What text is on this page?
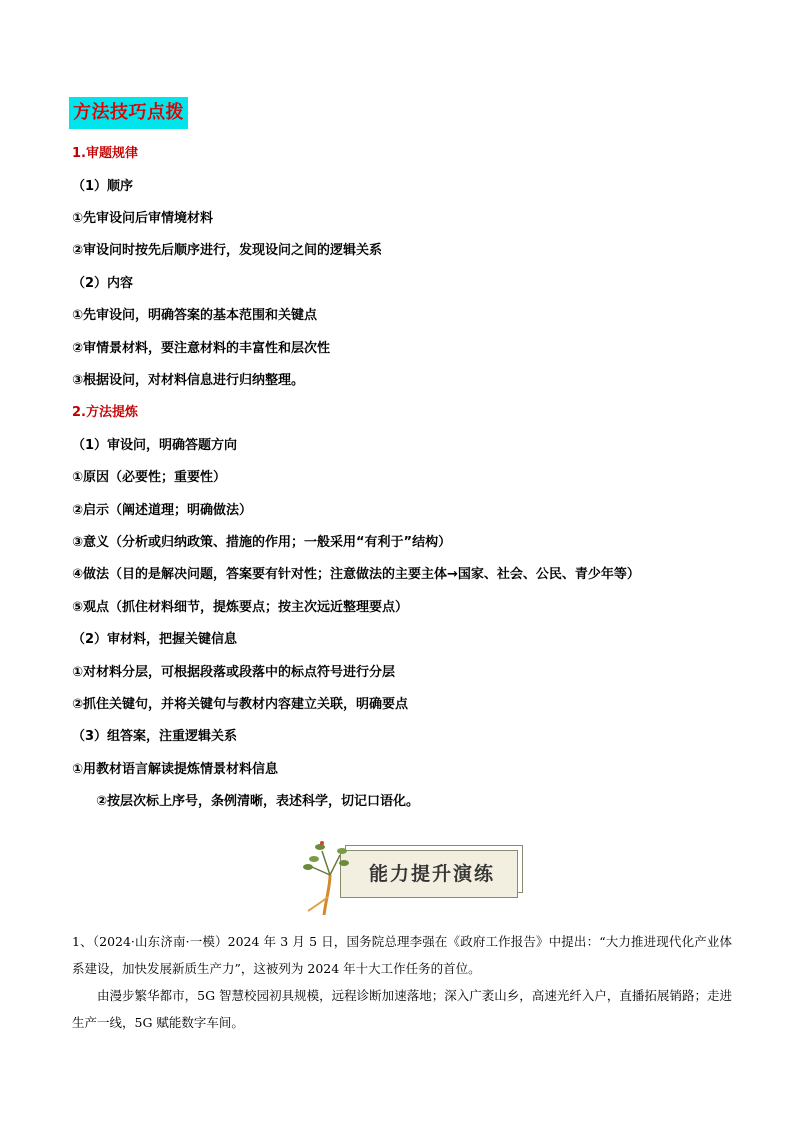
方法技巧点拨
1.审题规律
（1）顺序
①先审设问后审情境材料
②审设问时按先后顺序进行，发现设问之间的逻辑关系
（2）内容
①先审设问，明确答案的基本范围和关键点
②审情景材料，要注意材料的丰富性和层次性
③根据设问，对材料信息进行归纳整理。
2.方法提炼
（1）审设问，明确答题方向
①原因（必要性；重要性）
②启示（阐述道理；明确做法）
③意义（分析或归纳政策、措施的作用；一般采用“有利于”结构）
④做法（目的是解决问题，答案要有针对性；注意做法的主要主体→国家、社会、公民、青少年等）
⑤观点（抓住材料细节，提炼要点；按主次远近整理要点）
（2）审材料，把握关键信息
①对材料分层，可根据段落或段落中的标点符号进行分层
②抓住关键句，并将关键句与教材内容建立关联，明确要点
（3）组答案，注重逻辑关系
①用教材语言解读提炼情景材料信息
②按层次标上序号，条例清晰，表述科学，切记口语化。
能力提升演练
1、（2024·山东济南·一模）2024 年 3 月 5 日，国务院总理李强在《政府工作报告》中提出：“大力推进现代化产业体系建设，加快发展新质生产力”，这被列为 2024 年十大工作任务的首位。
　　由漫步繁华都市，5G 智慧校园初具规模，远程诊断加速落地；深入广袤山乡，高速光纤入户，直播拓展销路；走进生产一线，5G 赋能数字车间。
